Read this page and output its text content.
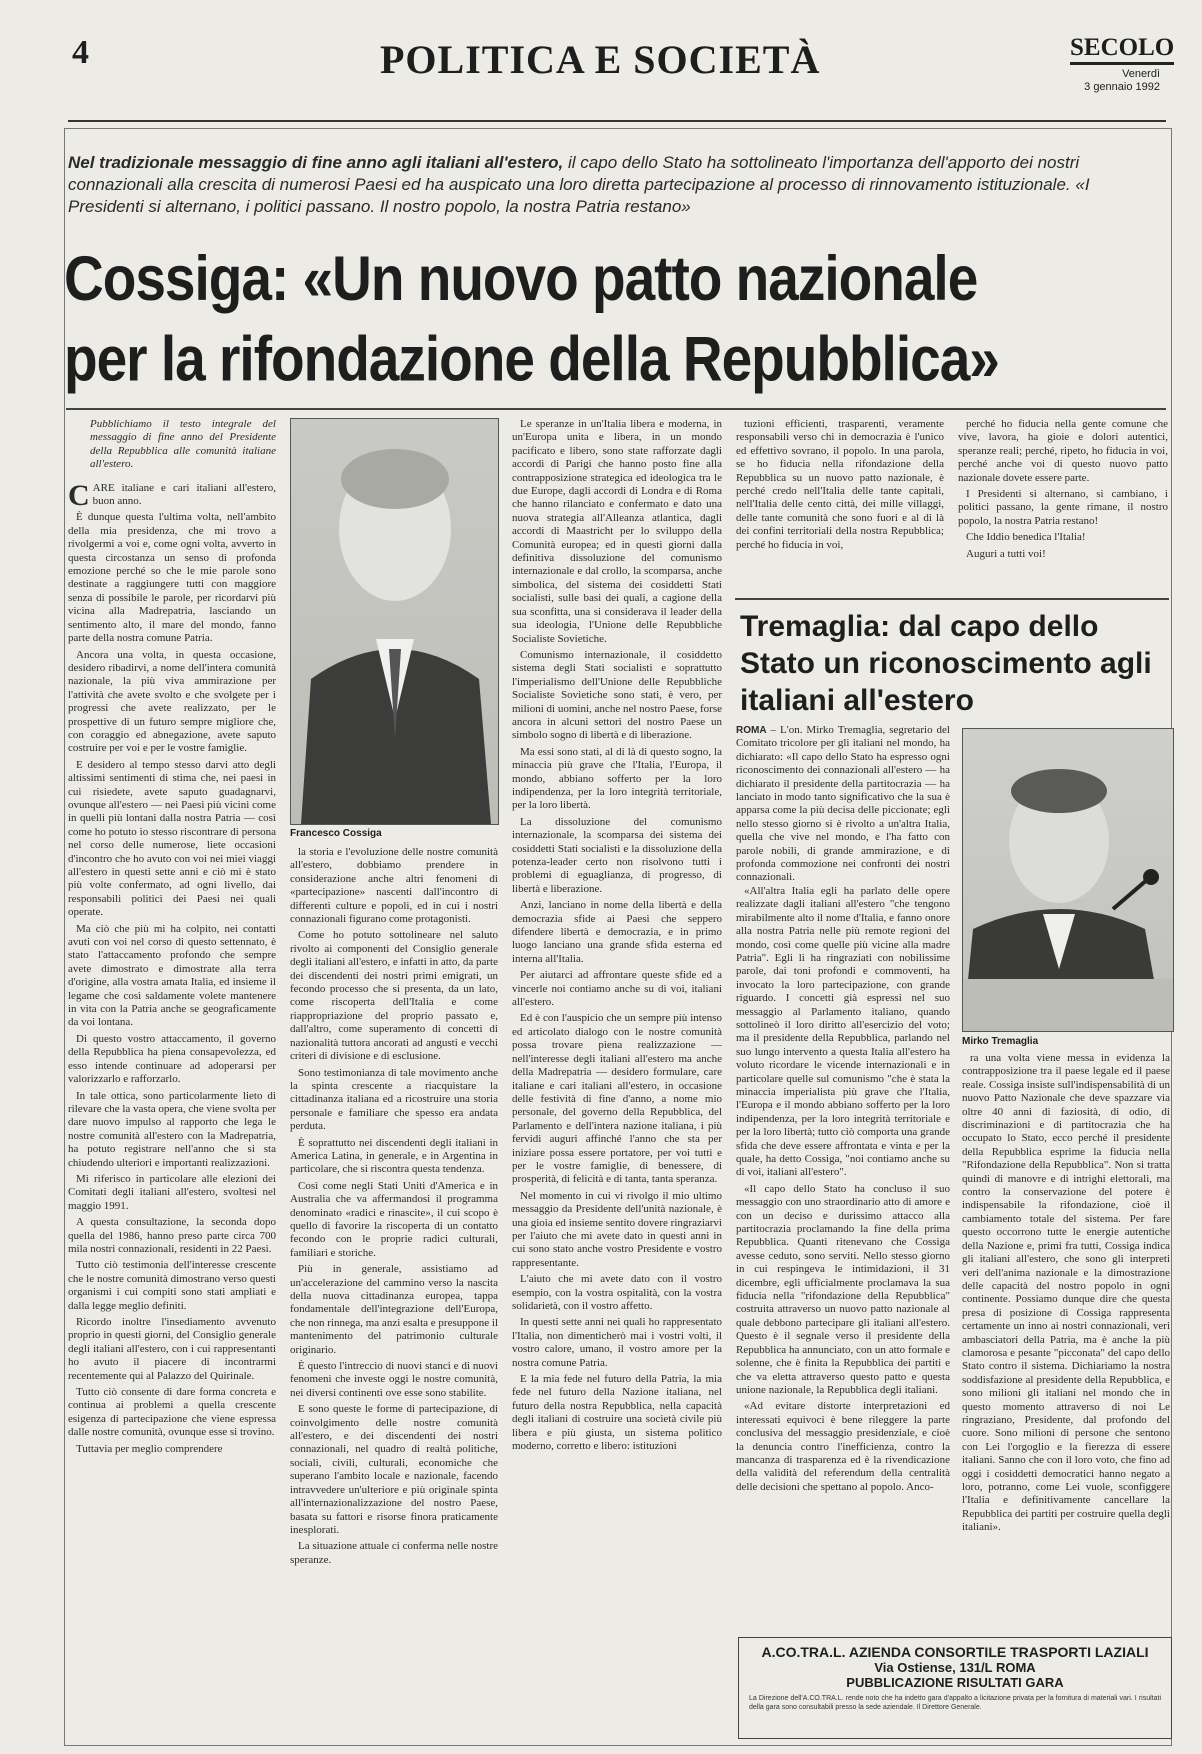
4	POLITICA E SOCIETÀ	SECOLO
Venerdì
3 gennaio 1992
Nel tradizionale messaggio di fine anno agli italiani all'estero, il capo dello Stato ha sottolineato l'importanza dell'apporto dei nostri connazionali alla crescita di numerosi Paesi ed ha auspicato una loro diretta partecipazione al processo di rinnovamento istituzionale. «I Presidenti si alternano, i politici passano. Il nostro popolo, la nostra Patria restano»
Cossiga: «Un nuovo patto nazionale
per la rifondazione della Repubblica»

Pubblichiamo il testo integrale del messaggio di fine anno del Presidente della Repubblica alle comunità italiane all'estero.

C ARE italiane e cari italiani all'estero, buon anno.

È dunque questa l'ultima volta, nell'ambito della mia presidenza, che mi trovo a rivolgermi a voi e, come ogni volta, avverto in questa circostanza un senso di profonda emozione perché so che le mie parole sono destinate a raggiungere tutti con maggiore senza di possibile le parole, per ricordarvi più vicina alla Madrepatria, lasciando un sentimento alto, il mare del mondo, fanno parte della nostra comune Patria.

Ancora una volta, in questa occasione, desidero ribadirvi, a nome dell'intera comunità nazionale, la più viva ammirazione per l'attività che avete svolto e che svolgete per i progressi che avete realizzato, per le prospettive di un futuro sempre migliore che, con coraggio ed abnegazione, avete saputo costruire per voi e per le vostre famiglie.

E desidero al tempo stesso darvi atto degli altissimi sentimenti di stima che, nei paesi in cui risiedete, avete saputo guadagnarvi, ovunque all'estero — nei Paesi più vicini come in quelli più lontani dalla nostra Patria — così come ho potuto io stesso riscontrare di persona nel corso delle numerose, liete occasioni d'incontro che ho avuto con voi nei miei viaggi all'estero in questi sette anni e ciò mi è stato più volte confermato, ad ogni livello, dai responsabili politici dei Paesi nei quali operate.

Ma ciò che più mi ha colpito, nei contatti avuti con voi nel corso di questo settennato, è stato l'attaccamento profondo che sempre avete dimostrato e dimostrate alla terra d'origine, alla vostra amata Italia, ed insieme il legame che così saldamente volete mantenere in vita con la Patria anche se geograficamente da voi lontana.

Di questo vostro attaccamento, il governo della Repubblica ha piena consapevolezza, ed esso intende continuare ad adoperarsi per valorizzarlo e rafforzarlo.

In tale ottica, sono particolarmente lieto di rilevare che la vasta opera, che viene svolta per dare nuovo impulso al rapporto che lega le nostre comunità all'estero con la Madrepatria, ha potuto registrare nell'anno che si sta chiudendo ulteriori e importanti realizzazioni.

Mi riferisco in particolare alle elezioni dei Comitati degli italiani all'estero, svoltesi nel maggio 1991.

A questa consultazione, la seconda dopo quella del 1986, hanno preso parte circa 700 mila nostri connazionali, residenti in 22 Paesi.

Tutto ciò testimonia dell'interesse crescente che le nostre comunità dimostrano verso questi organismi i cui compiti sono stati ampliati e dalla legge meglio definiti.

Ricordo inoltre l'insediamento avvenuto proprio in questi giorni, del Consiglio generale degli italiani all'estero, con i cui rappresentanti ho avuto il piacere di incontrarmi recentemente qui al Palazzo del Quirinale.

Tutto ciò consente di dare forma concreta e continua ai problemi a quella crescente esigenza di partecipazione che viene espressa dalle nostre comunità, ovunque esse si trovino.

Tuttavia per meglio comprendere

Francesco Cossiga

la storia e l'evoluzione delle nostre comunità all'estero, dobbiamo prendere in considerazione anche altri fenomeni di «partecipazione» nascenti dall'incontro di differenti culture e popoli, ed in cui i nostri connazionali figurano come protagonisti.

Come ho potuto sottolineare nel saluto rivolto ai componenti del Consiglio generale degli italiani all'estero, e infatti in atto, da parte dei discendenti dei nostri primi emigrati, un fecondo processo che si presenta, da un lato, come riscoperta dell'Italia e come riappropriazione del proprio passato e, dall'altro, come superamento di concetti di nazionalità tuttora ancorati ad angusti e vecchi criteri di divisione e di esclusione.

Sono testimonianza di tale movimento anche la spinta crescente a riacquistare la cittadinanza italiana ed a ricostruire una storia personale e familiare che spesso era andata perduta.

È soprattutto nei discendenti degli italiani in America Latina, in generale, e in Argentina in particolare, che si riscontra questa tendenza.

Così come negli Stati Uniti d'America e in Australia che va affermandosi il programma denominato «radici e rinascite», il cui scopo è quello di favorire la riscoperta di un contatto fecondo con le proprie radici culturali, familiari e storiche.

Più in generale, assistiamo ad un'accelerazione del cammino verso la nascita della nuova cittadinanza europea, tappa fondamentale dell'integrazione dell'Europa, che non rinnega, ma anzi esalta e presuppone il mantenimento del patrimonio culturale originario.

È questo l'intreccio di nuovi stanci e di nuovi fenomeni che investe oggi le nostre comunità, nei diversi continenti ove esse sono stabilite.

E sono queste le forme di partecipazione, di coinvolgimento delle nostre comunità all'estero, e dei discendenti dei nostri connazionali, nel quadro di realtà politiche, sociali, civili, culturali, economiche che superano l'ambito locale e nazionale, facendo intravvedere un'ulteriore e più originale spinta all'internazionalizzazione del nostro Paese, basata su fattori e risorse finora praticamente inesplorati.

La situazione attuale ci conferma nelle nostre speranze.

Le speranze in un'Italia libera e moderna, in un'Europa unita e libera, in un mondo pacificato e libero, sono state rafforzate dagli accordi di Parigi che hanno posto fine alla contrapposizione strategica ed ideologica tra le due Europe, dagli accordi di Londra e di Roma che hanno rilanciato e confermato e dato una nuova strategia all'Alleanza atlantica, dagli accordi di Maastricht per lo sviluppo della Comunità europea; ed in questi giorni dalla definitiva dissoluzione del comunismo internazionale e dal crollo, la scomparsa, anche simbolica, del sistema dei cosiddetti Stati socialisti, sulle basi dei quali, a cagione della sua sconfitta, una si considerava il leader della sua ideologia, l'Unione delle Repubbliche Socialiste Sovietiche.

Comunismo internazionale, il cosiddetto sistema degli Stati socialisti e soprattutto l'imperialismo dell'Unione delle Repubbliche Socialiste Sovietiche sono stati, è vero, per milioni di uomini, anche nel nostro Paese, forse ancora in alcuni settori del nostro Paese un simbolo sogno di libertà e di liberazione.

Ma essi sono stati, al di là di questo sogno, la minaccia più grave che l'Italia, l'Europa, il mondo, abbiano sofferto per la loro indipendenza, per la loro integrità territoriale, per la loro libertà.

La dissoluzione del comunismo internazionale, la scomparsa dei sistema dei cosiddetti Stati socialisti e la dissoluzione della potenza-leader certo non risolvono tutti i problemi di eguaglianza, di progresso, di libertà e liberazione.

Anzi, lanciano in nome della libertà e della democrazia sfide ai Paesi che seppero difendere libertà e democrazia, e in primo luogo lanciano una grande sfida esterna ed interna all'Italia.

Per aiutarci ad affrontare queste sfide ed a vincerle noi contiamo anche su di voi, italiani all'estero.

Ed è con l'auspicio che un sempre più intenso ed articolato dialogo con le nostre comunità possa trovare piena realizzazione — nell'interesse degli italiani all'estero ma anche della Madrepatria — desidero formulare, care italiane e cari italiani all'estero, in occasione delle festività di fine d'anno, a nome mio personale, del governo della Repubblica, del Parlamento e dell'intera nazione italiana, i più fervidi auguri affinché l'anno che sta per iniziare possa essere portatore, per voi tutti e per le vostre famiglie, di benessere, di prosperità, di felicità e di tanta, tanta speranza.

Nel momento in cui vi rivolgo il mio ultimo messaggio da Presidente dell'unità nazionale, è una gioia ed insieme sentito dovere ringraziarvi per l'aiuto che mi avete dato in questi anni in cui sono stato anche vostro Presidente e vostro rappresentante.

L'aiuto che mi avete dato con il vostro esempio, con la vostra ospitalità, con la vostra solidarietà, con il vostro affetto.

In questi sette anni nei quali ho rappresentato l'Italia, non dimenticherò mai i vostri volti, il vostro calore, umano, il vostro amore per la nostra comune Patria.

E la mia fede nel futuro della Patria, la mia fede nel futuro della Nazione italiana, nel futuro della nostra Repubblica, nella capacità degli italiani di costruire una società civile più libera e più giusta, un sistema politico moderno, corretto e libero: istituzioni

tuzioni efficienti, trasparenti, veramente responsabili verso chi in democrazia è l'unico ed effettivo sovrano, il popolo. In una parola, se ho fiducia nella rifondazione della Repubblica su un nuovo patto nazionale, è perché credo nell'Italia delle tante capitali, nell'Italia delle cento città, dei mille villaggi, delle tante comunità che sono fuori e al di là dei confini territoriali della nostra Repubblica; perché ho fiducia in voi,

perché ho fiducia nella gente comune che vive, lavora, ha gioie e dolori autentici, speranze reali; perché, ripeto, ho fiducia in voi, perché anche voi di questo nuovo patto nazionale dovete essere parte.

I Presidenti si alternano, si cambiano, i politici passano, la gente rimane, il nostro popolo, la nostra Patria restano!

Che Iddio benedica l'Italia!

Auguri a tutti voi!

Tremaglia: dal capo dello Stato un riconoscimento agli italiani all'estero
ROMA – L'on. Mirko Tremaglia, segretario del Comitato tricolore per gli italiani nel mondo, ha dichiarato: «Il capo dello Stato ha espresso ogni riconoscimento dei connazionali all'estero — ha dichiarato il presidente della partitocrazia — ha lanciato in modo tanto significativo che la sua è apparsa come la più decisa delle piccionate; egli nello stesso giorno si è rivolto a un'altra Italia, quella che vive nel mondo, e l'ha fatto con parole nobili, di grande ammirazione, e di profonda commozione nei confronti dei nostri connazionali.

«All'altra Italia egli ha parlato delle opere realizzate dagli italiani all'estero "che tengono mirabilmente alto il nome d'Italia, e fanno onore alla nostra Patria nelle più remote regioni del mondo, così come quelle più vicine alla madre Patria". Egli li ha ringraziati con nobilissime parole, dai toni profondi e commoventi, ha invocato la loro partecipazione, con grande riguardo. I concetti già espressi nel suo messaggio al Parlamento italiano, quando sottolineò il loro diritto all'esercizio del voto; ma il presidente della Repubblica, parlando nel suo lungo intervento a questa Italia all'estero ha voluto ricordare le vicende internazionali e in particolare quelle sul comunismo "che è stata la minaccia imperialista più grave che l'Italia, l'Europa e il mondo abbiano sofferto per la loro indipendenza, per la loro integrità territoriale e per la loro libertà; tutto ciò comporta una grande sfida che deve essere affrontata e vinta e per la quale, ha detto Cossiga, "noi contiamo anche su di voi, italiani all'estero".

«Il capo dello Stato ha concluso il suo messaggio con uno straordinario atto di amore e con un deciso e durissimo attacco alla partitocrazia proclamando la fine della prima Repubblica. Quanti ritenevano che Cossiga avesse ceduto, sono serviti. Nello stesso giorno in cui respingeva le intimidazioni, il 31 dicembre, egli ufficialmente proclamava la sua fiducia nella "rifondazione della Repubblica" costruita attraverso un nuovo patto nazionale al quale debbono partecipare gli italiani all'estero. Questo è il segnale verso il presidente della Repubblica ha annunciato, con un atto formale e solenne, che è finita la Repubblica dei partiti e che va eletta attraverso questo patto e questa unione nazionale, la Repubblica degli italiani.

«Ad evitare distorte interpretazioni ed interessati equivoci è bene rileggere la parte conclusiva del messaggio presidenziale, e cioè la denuncia contro l'inefficienza, contro la mancanza di trasparenza ed è la rivendicazione della validità del referendum della centralità delle decisioni che spettano al popolo. Anco-

Mirko Tremaglia

ra una volta viene messa in evidenza la contrapposizione tra il paese legale ed il paese reale. Cossiga insiste sull'indispensabilità di un nuovo Patto Nazionale che deve spazzare via oltre 40 anni di faziosità, di odio, di discriminazioni e di partitocrazia che ha occupato lo Stato, ecco perché il presidente della Repubblica esprime la fiducia nella "Rifondazione della Repubblica". Non si tratta quindi di manovre e di intrighi elettorali, ma contro la conservazione del potere è indispensabile la rifondazione, cioè il cambiamento totale del sistema. Per fare questo occorrono tutte le energie autentiche della Nazione e, primi fra tutti, Cossiga indica gli italiani all'estero, che sono gli interpreti veri dell'anima nazionale e la dimostrazione delle capacità del nostro popolo in ogni continente. Possiamo dunque dire che questa presa di posizione di Cossiga rappresenta certamente un inno ai nostri connazionali, veri ambasciatori della Patria, ma è anche la più clamorosa e pesante "picconata" del capo dello Stato contro il sistema. Dichiariamo la nostra soddisfazione al presidente della Repubblica, e sono milioni gli italiani nel mondo che in questo momento attraverso di noi Le ringraziano, Presidente, dal profondo del cuore. Sono milioni di persone che sentono con Lei l'orgoglio e la fierezza di essere italiani. Sanno che con il loro voto, che fino ad oggi i cosiddetti democratici hanno negato a loro, potranno, come Lei vuole, sconfiggere l'Italia e definitivamente cancellare la Repubblica dei partiti per costruire quella degli italiani».

A.CO.TRA.L. AZIENDA CONSORTILE TRASPORTI LAZIALI
Via Ostiense, 131/L ROMA
PUBBLICAZIONE RISULTATI GARA
La Direzione dell'A.CO.TRA.L. rende noto che ha indetto gara d'appalto a licitazione privata per la fornitura di materiali vari. I risultati della gara sono consultabili presso la sede aziendale. Il Direttore Generale.
